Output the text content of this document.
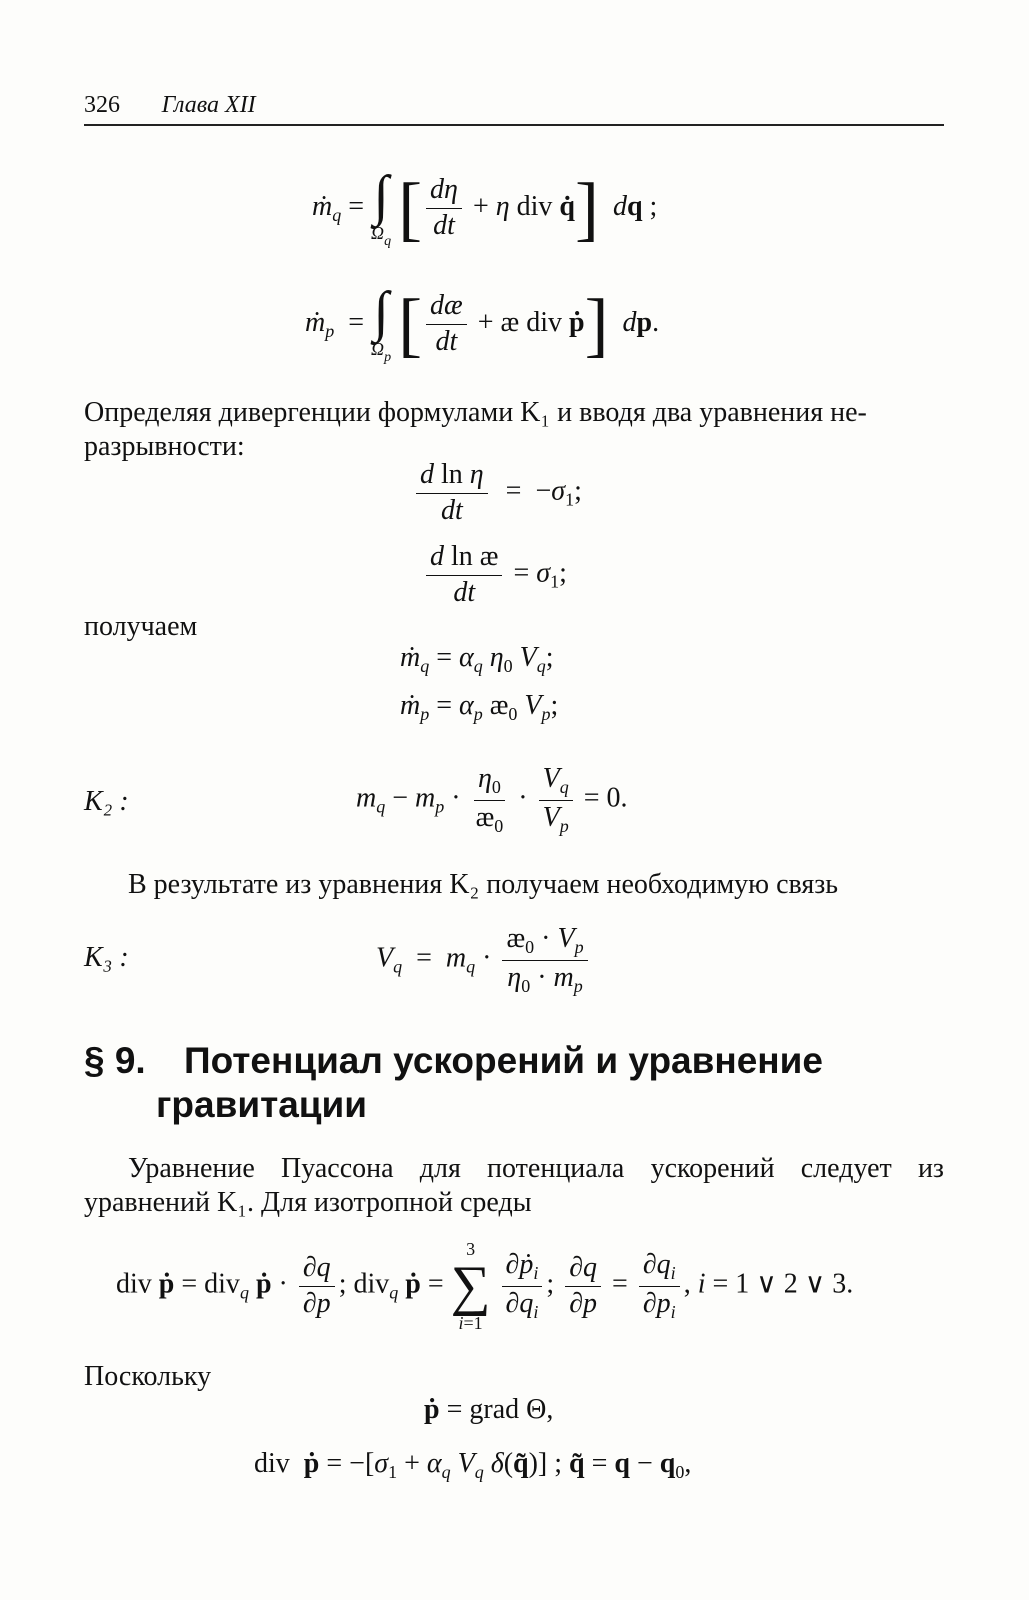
326 Глава XII
ṁ$_q$ = ∫
$\Omega_q$ [ $\frac{d\eta}{dt} + \eta$ div q̇] dq ;
ṁ$_p$  = ∫
$\Omega_p$ [ $\frac{dæ}{dt}$ + æ div ṗ] dp.
Определяя дивергенции формулами K₁ и вводя два уравнения не-
разрывности:
$\frac{\text{d ln η}}{dt} = -\sigma_1$;
$\frac{\text{d ln æ}}{dt} = \sigma_1$;
получаем
ṁ$_q$ = $\alpha_q$ $\eta_0$ $V_q$;
ṁ$_p$ = $\alpha_p$ $æ_0$ $V_p$;
K₂ :	$m_q - m_p \cdot \frac{\eta_0}{æ_0} \cdot \frac{V_q}{V_p} = 0$.
В результате из уравнения K₂ получаем необходимую связь
K₃ :	$V_q = m_q \cdot \frac{æ_0 \cdot V_p}{\eta_0 \cdot m_p}$
§ 9. Потенциал ускорений и уравнение
гравитации
Уравнение Пуассона для потенциала ускорений следует из
уравнений K₁. Для изотропной среды
div ṗ = div$_q$ ṗ · $\frac{\partial q}{\partial p}$ ; div$_q$ ṗ =
3
∑
i=1

$\frac{\partial ṗ_i}{\partial q_i}$ ; $\frac{\partial q}{\partial p} = \frac{\partial q_i}{\partial p_i}$ , i = 1 ∨ 2 ∨ 3.
Поскольку
ṗ = grad Θ,
div  ṗ = $-[\sigma_1 + \alpha_q$ $V_q$ δ(q̃)] ; q̃ = $q - q_0$,
